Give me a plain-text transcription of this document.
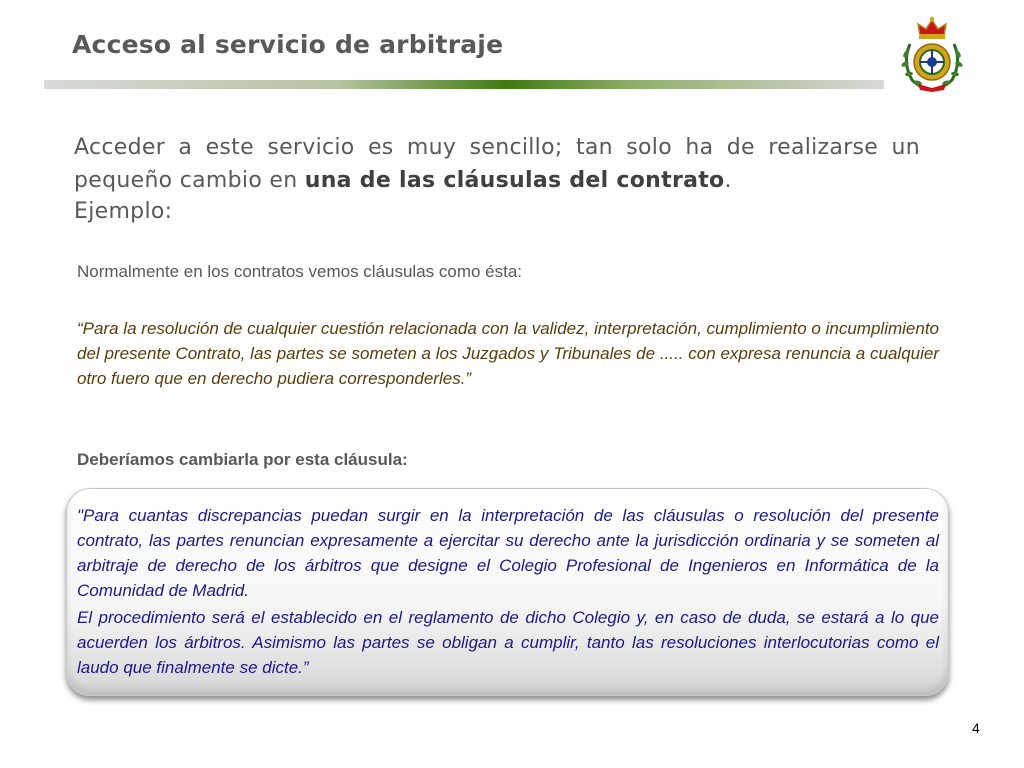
Acceso al servicio de arbitraje
Acceder a este servicio es muy sencillo; tan solo ha de realizarse un pequeño cambio en una de las cláusulas del contrato.
Ejemplo:
Normalmente en los contratos vemos cláusulas como ésta:
“Para la resolución de cualquier cuestión relacionada con la validez, interpretación, cumplimiento o incumplimiento del presente Contrato, las partes se someten a los Juzgados y Tribunales de ..... con expresa renuncia a cualquier otro fuero que en derecho pudiera corresponderles.”
Deberíamos cambiarla por esta cláusula:

"Para cuantas discrepancias puedan surgir en la interpretación de las cláusulas o resolución del presente contrato, las partes renuncian expresamente a ejercitar su derecho ante la jurisdicción ordinaria y se someten al arbitraje de derecho de los árbitros que designe el Colegio Profesional de Ingenieros en Informática de la Comunidad de Madrid.

El procedimiento será el establecido en el reglamento de dicho Colegio y, en caso de duda, se estará a lo que acuerden los árbitros. Asimismo las partes se obligan a cumplir, tanto las resoluciones interlocutorias como el laudo que finalmente se dicte.”

4
